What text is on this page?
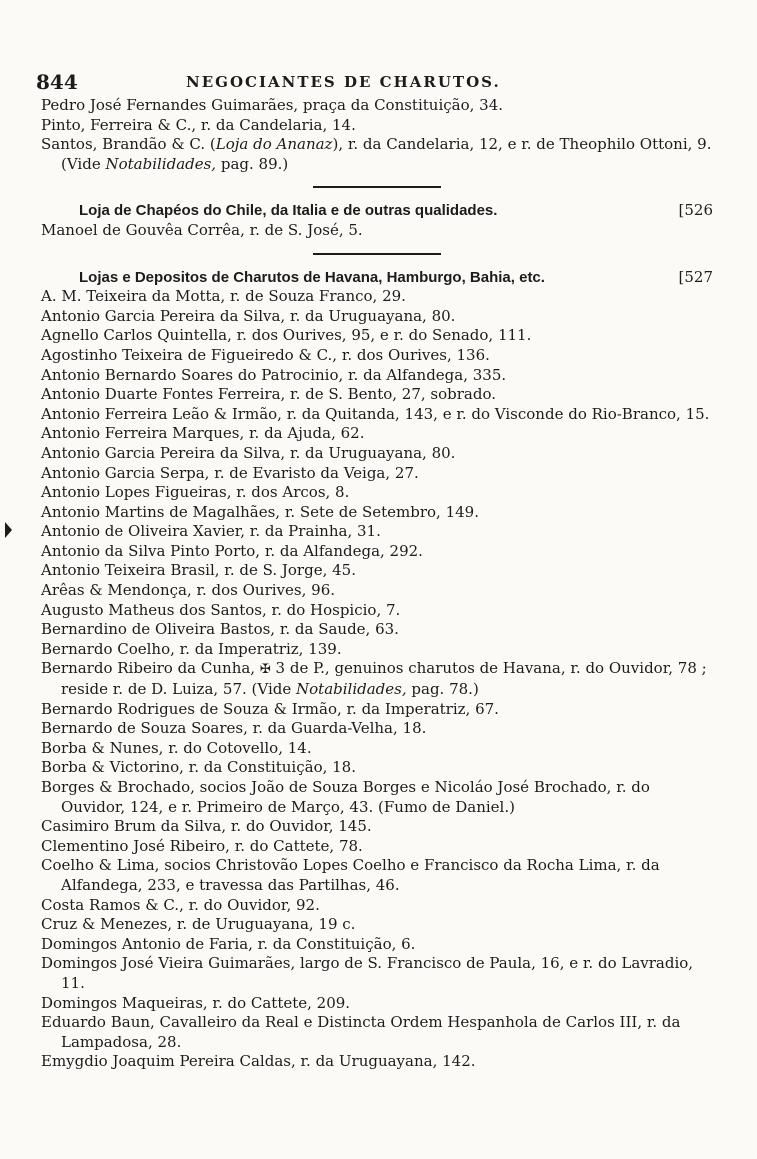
844	NEGOCIANTES DE CHARUTOS.

Pedro José Fernandes Guimarães, praça da Constituição, 34.

Pinto, Ferreira & C., r. da Candelaria, 14.

Santos, Brandão & C. (Loja do Ananaz), r. da Candelaria, 12, e r. de Theophilo Ottoni, 9. (Vide Notabilidades, pag. 89.)

Loja de Chapéos do Chile, da Italia e de outras qualidades.	[526

Manoel de Gouvêa Corrêa, r. de S. José, 5.

Lojas e Depositos de Charutos de Havana, Hamburgo, Bahia, etc.	[527

A. M. Teixeira da Motta, r. de Souza Franco, 29.

Antonio Garcia Pereira da Silva, r. da Uruguayana, 80.

Agnello Carlos Quintella, r. dos Ourives, 95, e r. do Senado, 111.

Agostinho Teixeira de Figueiredo & C., r. dos Ourives, 136.

Antonio Bernardo Soares do Patrocinio, r. da Alfandega, 335.

Antonio Duarte Fontes Ferreira, r. de S. Bento, 27, sobrado.

Antonio Ferreira Leão & Irmão, r. da Quitanda, 143, e r. do Visconde do Rio-Branco, 15.

Antonio Ferreira Marques, r. da Ajuda, 62.

Antonio Garcia Pereira da Silva, r. da Uruguayana, 80.

Antonio Garcia Serpa, r. de Evaristo da Veiga, 27.

Antonio Lopes Figueiras, r. dos Arcos, 8.

Antonio Martins de Magalhães, r. Sete de Setembro, 149.

Antonio de Oliveira Xavier, r. da Prainha, 31.

Antonio da Silva Pinto Porto, r. da Alfandega, 292.

Antonio Teixeira Brasil, r. de S. Jorge, 45.

Arêas & Mendonça, r. dos Ourives, 96.

Augusto Matheus dos Santos, r. do Hospicio, 7.

Bernardino de Oliveira Bastos, r. da Saude, 63.

Bernardo Coelho, r. da Imperatriz, 139.

Bernardo Ribeiro da Cunha, ✠ 3 de P., genuinos charutos de Havana, r. do Ouvidor, 78 ; reside r. de D. Luiza, 57. (Vide Notabilidades, pag. 78.)

Bernardo Rodrigues de Souza & Irmão, r. da Imperatriz, 67.

Bernardo de Souza Soares, r. da Guarda-Velha, 18.

Borba & Nunes, r. do Cotovello, 14.

Borba & Victorino, r. da Constituição, 18.

Borges & Brochado, socios João de Souza Borges e Nicoláo José Brochado, r. do Ouvidor, 124, e r. Primeiro de Março, 43. (Fumo de Daniel.)

Casimiro Brum da Silva, r. do Ouvidor, 145.

Clementino José Ribeiro, r. do Cattete, 78.

Coelho & Lima, socios Christovão Lopes Coelho e Francisco da Rocha Lima, r. da Alfandega, 233, e travessa das Partilhas, 46.

Costa Ramos & C., r. do Ouvidor, 92.

Cruz & Menezes, r. de Uruguayana, 19 c.

Domingos Antonio de Faria, r. da Constituição, 6.

Domingos José Vieira Guimarães, largo de S. Francisco de Paula, 16, e r. do Lavradio, 11.

Domingos Maqueiras, r. do Cattete, 209.

Eduardo Baun, Cavalleiro da Real e Distincta Ordem Hespanhola de Carlos III, r. da Lampadosa, 28.

Emygdio Joaquim Pereira Caldas, r. da Uruguayana, 142.
